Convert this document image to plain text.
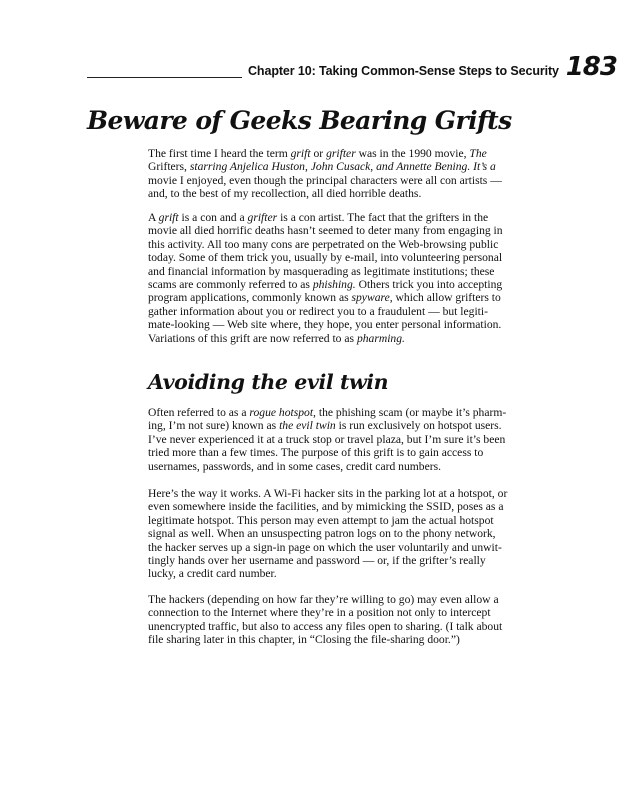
Chapter 10: Taking Common-Sense Steps to Security 183
Beware of Geeks Bearing Grifts
The first time I heard the term grift or grifter was in the 1990 movie, The
Grifters, starring Anjelica Huston, John Cusack, and Annette Bening. It’s a
movie I enjoyed, even though the principal characters were all con artists —
and, to the best of my recollection, all died horrible deaths.
A grift is a con and a grifter is a con artist. The fact that the grifters in the
movie all died horrific deaths hasn’t seemed to deter many from engaging in
this activity. All too many cons are perpetrated on the Web-browsing public
today. Some of them trick you, usually by e-mail, into volunteering personal
and financial information by masquerading as legitimate institutions; these
scams are commonly referred to as phishing. Others trick you into accepting
program applications, commonly known as spyware, which allow grifters to
gather information about you or redirect you to a fraudulent — but legiti-
mate-looking — Web site where, they hope, you enter personal information.
Variations of this grift are now referred to as pharming.
Avoiding the evil twin
Often referred to as a rogue hotspot, the phishing scam (or maybe it’s pharm-
ing, I’m not sure) known as the evil twin is run exclusively on hotspot users.
I’ve never experienced it at a truck stop or travel plaza, but I’m sure it’s been
tried more than a few times. The purpose of this grift is to gain access to
usernames, passwords, and in some cases, credit card numbers.
Here’s the way it works. A Wi-Fi hacker sits in the parking lot at a hotspot, or
even somewhere inside the facilities, and by mimicking the SSID, poses as a
legitimate hotspot. This person may even attempt to jam the actual hotspot
signal as well. When an unsuspecting patron logs on to the phony network,
the hacker serves up a sign-in page on which the user voluntarily and unwit-
tingly hands over her username and password — or, if the grifter’s really
lucky, a credit card number.
The hackers (depending on how far they’re willing to go) may even allow a
connection to the Internet where they’re in a position not only to intercept
unencrypted traffic, but also to access any files open to sharing. (I talk about
file sharing later in this chapter, in “Closing the file-sharing door.”)
